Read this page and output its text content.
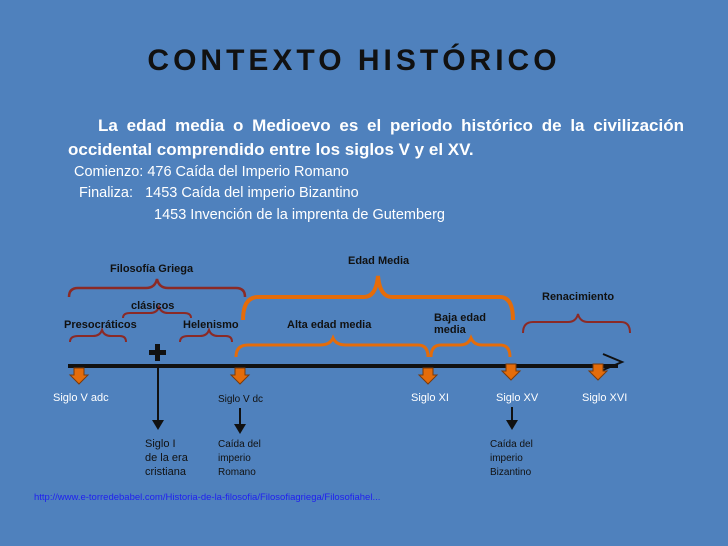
CONTEXTO HISTÓRICO
La edad media o Medioevo es el periodo histórico de la civilización occidental comprendido entre los siglos V y el XV.
Comienzo: 476 Caída del Imperio Romano
Finaliza:   1453 Caída del imperio Bizantino
1453 Invención de la imprenta de Gutemberg
Filosofía Griega
clásicos
Presocráticos	Helenismo
Edad Media
Alta edad media
Baja edad
media
Renacimiento
Siglo V adc	Siglo V dc	Siglo XI	Siglo XV	Siglo XVI
Siglo I
de la era
cristiana
Caída del
imperio
Romano
Caída del
imperio
Bizantino
http://www.e-torredebabel.com/Historia-de-la-filosofia/Filosofiagriega/Filosofiahel...
